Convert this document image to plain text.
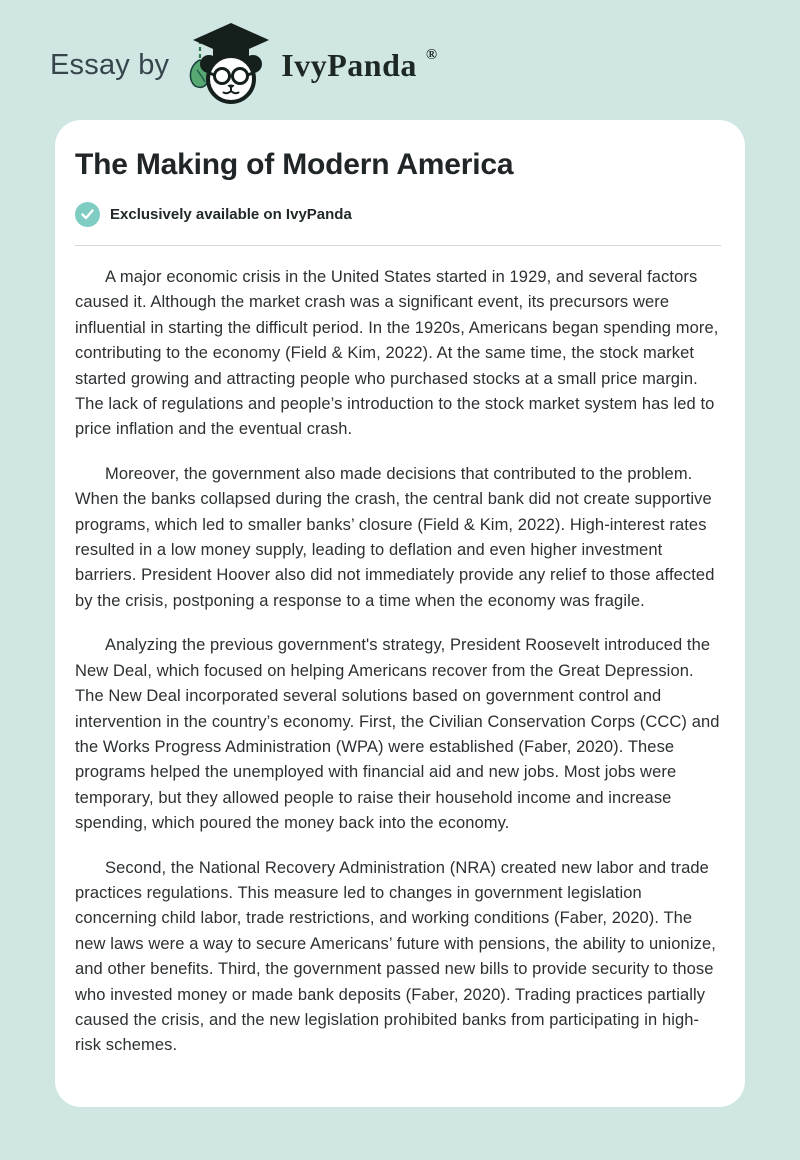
Essay by	IvyPanda ®
The Making of Modern America
Exclusively available on IvyPanda

A major economic crisis in the United States started in 1929, and several factors caused it. Although the market crash was a significant event, its precursors were influential in starting the difficult period. In the 1920s, Americans began spending more, contributing to the economy (Field & Kim, 2022). At the same time, the stock market started growing and attracting people who purchased stocks at a small price margin. The lack of regulations and people’s introduction to the stock market system has led to price inflation and the eventual crash.

Moreover, the government also made decisions that contributed to the problem. When the banks collapsed during the crash, the central bank did not create supportive programs, which led to smaller banks’ closure (Field & Kim, 2022). High-interest rates resulted in a low money supply, leading to deflation and even higher investment barriers. President Hoover also did not immediately provide any relief to those affected by the crisis, postponing a response to a time when the economy was fragile.

Analyzing the previous government's strategy, President Roosevelt introduced the New Deal, which focused on helping Americans recover from the Great Depression. The New Deal incorporated several solutions based on government control and intervention in the country’s economy. First, the Civilian Conservation Corps (CCC) and the Works Progress Administration (WPA) were established (Faber, 2020). These programs helped the unemployed with financial aid and new jobs. Most jobs were temporary, but they allowed people to raise their household income and increase spending, which poured the money back into the economy.

Second, the National Recovery Administration (NRA) created new labor and trade practices regulations. This measure led to changes in government legislation concerning child labor, trade restrictions, and working conditions (Faber, 2020). The new laws were a way to secure Americans’ future with pensions, the ability to unionize, and other benefits. Third, the government passed new bills to provide security to those who invested money or made bank deposits (Faber, 2020). Trading practices partially caused the crisis, and the new legislation prohibited banks from participating in high-risk schemes.
